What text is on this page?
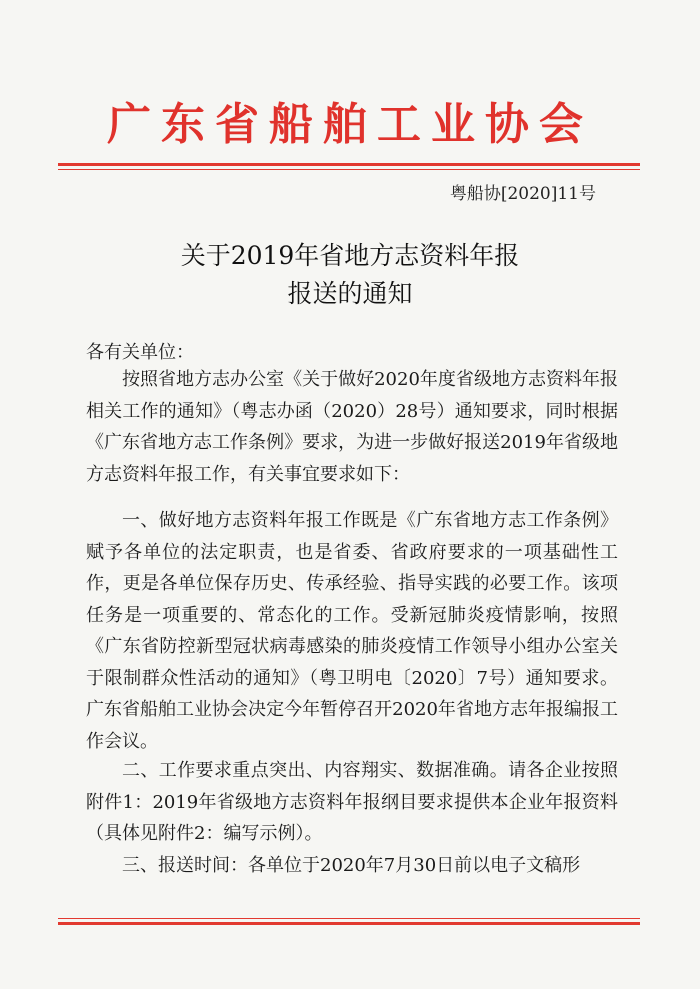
广东省船舶工业协会
粤船协[2020]11号
关于2019年省地方志资料年报
报送的通知
各有关单位：
按照省地方志办公室《关于做好2020年度省级地方志资料年报相关工作的通知》（粤志办函（2020）28号）通知要求，同时根据《广东省地方志工作条例》要求，为进一步做好报送2019年省级地方志资料年报工作，有关事宜要求如下：
一、做好地方志资料年报工作既是《广东省地方志工作条例》赋予各单位的法定职责，也是省委、省政府要求的一项基础性工作，更是各单位保存历史、传承经验、指导实践的必要工作。该项任务是一项重要的、常态化的工作。受新冠肺炎疫情影响，按照《广东省防控新型冠状病毒感染的肺炎疫情工作领导小组办公室关于限制群众性活动的通知》（粤卫明电〔2020〕7号）通知要求。广东省船舶工业协会决定今年暂停召开2020年省地方志年报编报工作会议。
二、工作要求重点突出、内容翔实、数据准确。请各企业按照附件1：2019年省级地方志资料年报纲目要求提供本企业年报资料（具体见附件2：编写示例）。
三、报送时间：各单位于2020年7月30日前以电子文稿形
